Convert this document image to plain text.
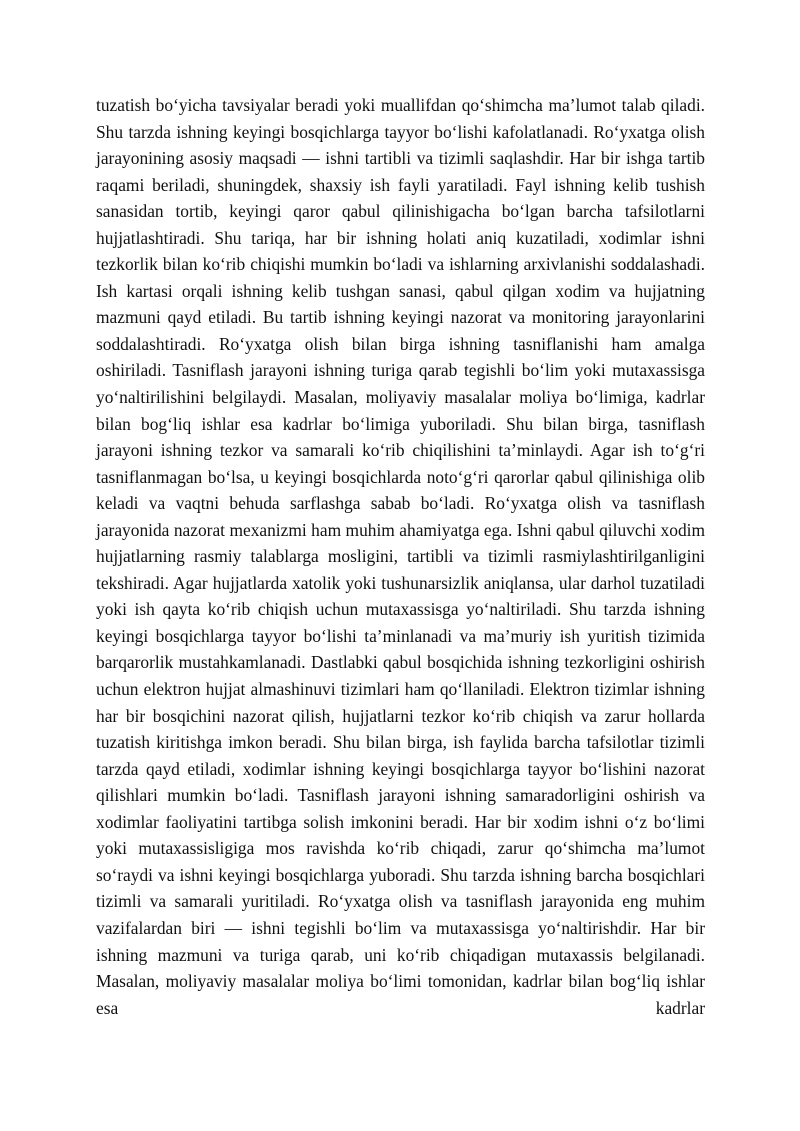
tuzatish boʻyicha tavsiyalar beradi yoki muallifdan qoʻshimcha maʼlumot talab qiladi. Shu tarzda ishning keyingi bosqichlarga tayyor boʻlishi kafolatlanadi. Roʻyxatga olish jarayonining asosiy maqsadi — ishni tartibli va tizimli saqlashdir. Har bir ishga tartib raqami beriladi, shuningdek, shaxsiy ish fayli yaratiladi. Fayl ishning kelib tushish sanasidan tortib, keyingi qaror qabul qilinishigacha boʻlgan barcha tafsilotlarni hujjatlashtiradi. Shu tariqa, har bir ishning holati aniq kuzatiladi, xodimlar ishni tezkorlik bilan koʻrib chiqishi mumkin boʻladi va ishlarning arxivlanishi soddalashadi. Ish kartasi orqali ishning kelib tushgan sanasi, qabul qilgan xodim va hujjatning mazmuni qayd etiladi. Bu tartib ishning keyingi nazorat va monitoring jarayonlarini soddalashtiradi. Roʻyxatga olish bilan birga ishning tasniflanishi ham amalga oshiriladi. Tasniflash jarayoni ishning turiga qarab tegishli boʻlim yoki mutaxassisga yoʻnaltirilishini belgilaydi. Masalan, moliyaviy masalalar moliya boʻlimiga, kadrlar bilan bogʻliq ishlar esa kadrlar boʻlimiga yuboriladi. Shu bilan birga, tasniflash jarayoni ishning tezkor va samarali koʻrib chiqilishini taʼminlaydi. Agar ish toʻgʻri tasniflanmagan boʻlsa, u keyingi bosqichlarda notoʻgʻri qarorlar qabul qilinishiga olib keladi va vaqtni behuda sarflashga sabab boʻladi. Roʻyxatga olish va tasniflash jarayonida nazorat mexanizmi ham muhim ahamiyatga ega. Ishni qabul qiluvchi xodim hujjatlarning rasmiy talablarga mosligini, tartibli va tizimli rasmiylashtirilganligini tekshiradi. Agar hujjatlarda xatolik yoki tushunarsizlik aniqlansa, ular darhol tuzatiladi yoki ish qayta koʻrib chiqish uchun mutaxassisga yoʻnaltiriladi. Shu tarzda ishning keyingi bosqichlarga tayyor boʻlishi taʼminlanadi va maʼmuriy ish yuritish tizimida barqarorlik mustahkamlanadi. Dastlabki qabul bosqichida ishning tezkorligini oshirish uchun elektron hujjat almashinuvi tizimlari ham qoʻllaniladi. Elektron tizimlar ishning har bir bosqichini nazorat qilish, hujjatlarni tezkor koʻrib chiqish va zarur hollarda tuzatish kiritishga imkon beradi. Shu bilan birga, ish faylida barcha tafsilotlar tizimli tarzda qayd etiladi, xodimlar ishning keyingi bosqichlarga tayyor boʻlishini nazorat qilishlari mumkin boʻladi. Tasniflash jarayoni ishning samaradorligini oshirish va xodimlar faoliyatini tartibga solish imkonini beradi. Har bir xodim ishni oʻz boʻlimi yoki mutaxassisligiga mos ravishda koʻrib chiqadi, zarur qoʻshimcha maʼlumot soʻraydi va ishni keyingi bosqichlarga yuboradi. Shu tarzda ishning barcha bosqichlari tizimli va samarali yuritiladi. Roʻyxatga olish va tasniflash jarayonida eng muhim vazifalardan biri — ishni tegishli boʻlim va mutaxassisga yoʻnaltirishdir. Har bir ishning mazmuni va turiga qarab, uni koʻrib chiqadigan mutaxassis belgilanadi. Masalan, moliyaviy masalalar moliya boʻlimi tomonidan, kadrlar bilan bogʻliq ishlar esa kadrlar
